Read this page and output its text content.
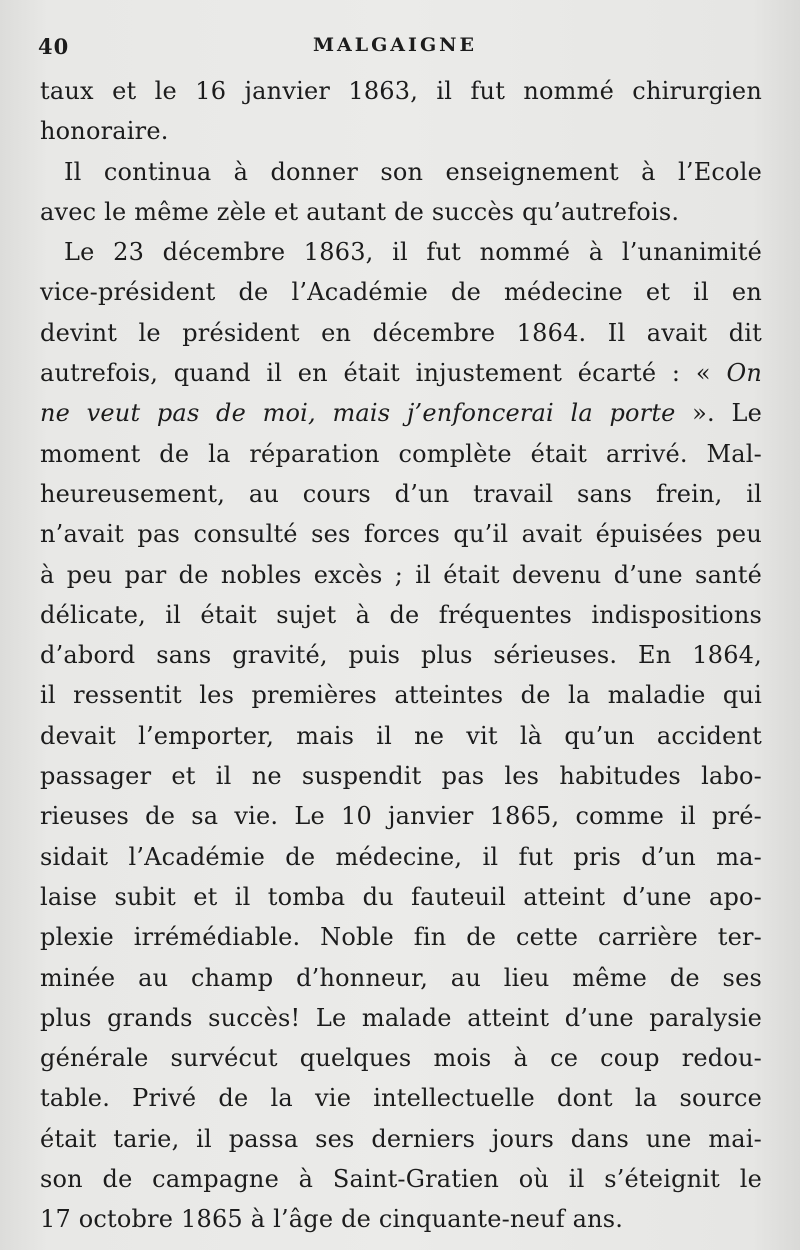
40	MALGAIGNE
taux et le 16 janvier 1863, il fut nommé chirurgien
honoraire.
Il continua à donner son enseignement à l’Ecole
avec le même zèle et autant de succès qu’autrefois.
Le 23 décembre 1863, il fut nommé à l’unanimité
vice-président de l’Académie de médecine et il en
devint le président en décembre 1864. Il avait dit
autrefois, quand il en était injustement écarté : « On
ne veut pas de moi, mais j’enfoncerai la porte ». Le
moment de la réparation complète était arrivé. Mal-
heureusement, au cours d’un travail sans frein, il
n’avait pas consulté ses forces qu’il avait épuisées peu
à peu par de nobles excès ; il était devenu d’une santé
délicate, il était sujet à de fréquentes indispositions
d’abord sans gravité, puis plus sérieuses. En 1864,
il ressentit les premières atteintes de la maladie qui
devait l’emporter, mais il ne vit là qu’un accident
passager et il ne suspendit pas les habitudes labo-
rieuses de sa vie. Le 10 janvier 1865, comme il pré-
sidait l’Académie de médecine, il fut pris d’un ma-
laise subit et il tomba du fauteuil atteint d’une apo-
plexie irrémédiable. Noble fin de cette carrière ter-
minée au champ d’honneur, au lieu même de ses
plus grands succès! Le malade atteint d’une paralysie
générale survécut quelques mois à ce coup redou-
table. Privé de la vie intellectuelle dont la source
était tarie, il passa ses derniers jours dans une mai-
son de campagne à Saint-Gratien où il s’éteignit le
17 octobre 1865 à l’âge de cinquante-neuf ans.
